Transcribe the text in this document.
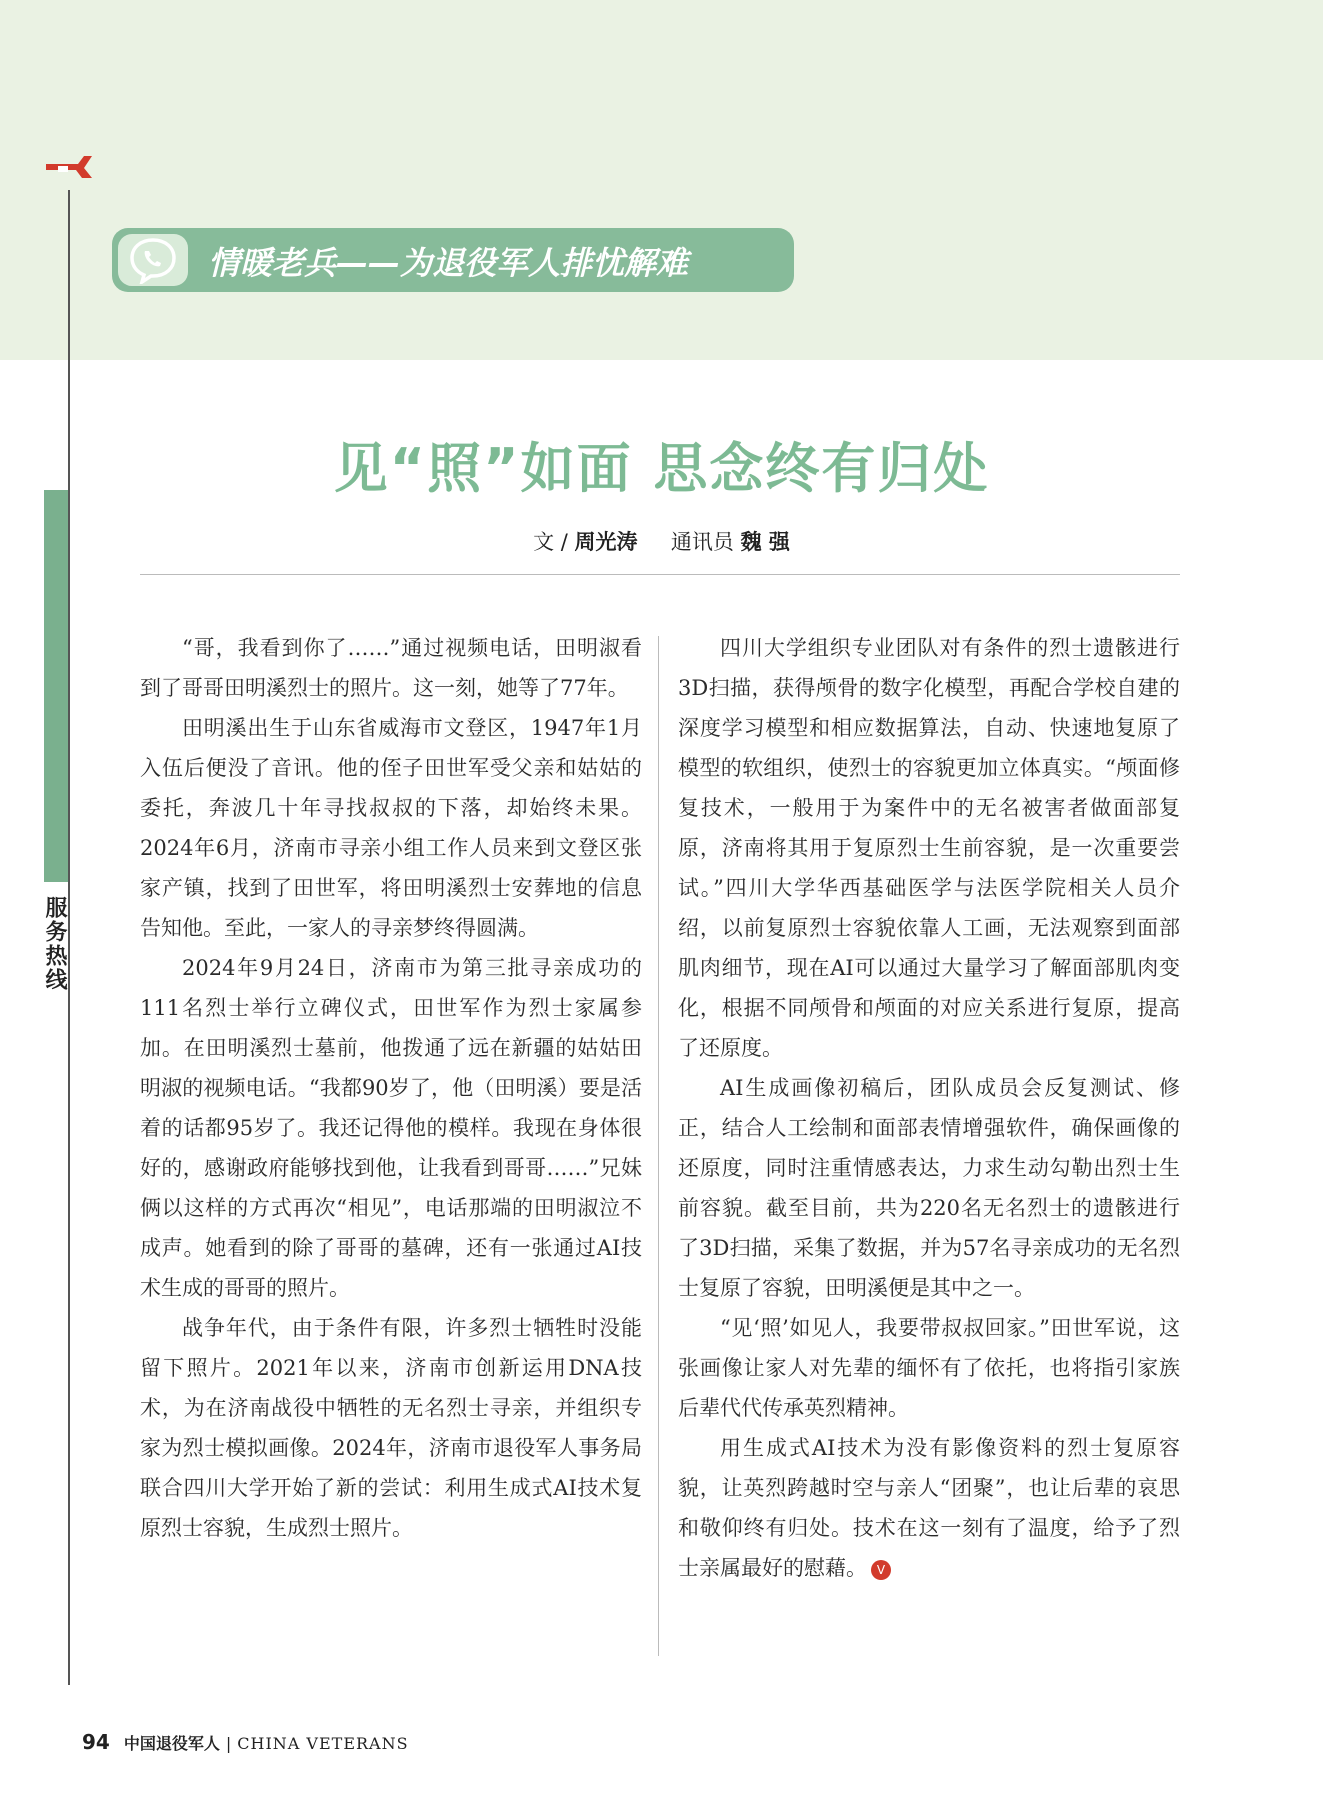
服务热线
情暖老兵——为退役军人排忧解难
见“照”如面 思念终有归处
文 / 周光涛 通讯员 魏 强

“哥，我看到你了……”通过视频电话，田明淑看到了哥哥田明溪烈士的照片。这一刻，她等了77年。

田明溪出生于山东省威海市文登区，1947年1月入伍后便没了音讯。他的侄子田世军受父亲和姑姑的委托，奔波几十年寻找叔叔的下落，却始终未果。2024年6月，济南市寻亲小组工作人员来到文登区张家产镇，找到了田世军，将田明溪烈士安葬地的信息告知他。至此，一家人的寻亲梦终得圆满。

2024年9月24日，济南市为第三批寻亲成功的111名烈士举行立碑仪式，田世军作为烈士家属参加。在田明溪烈士墓前，他拨通了远在新疆的姑姑田明淑的视频电话。“我都90岁了，他（田明溪）要是活着的话都95岁了。我还记得他的模样。我现在身体很好的，感谢政府能够找到他，让我看到哥哥……”兄妹俩以这样的方式再次“相见”，电话那端的田明淑泣不成声。她看到的除了哥哥的墓碑，还有一张通过AI技术生成的哥哥的照片。

战争年代，由于条件有限，许多烈士牺牲时没能留下照片。2021年以来，济南市创新运用DNA技术，为在济南战役中牺牲的无名烈士寻亲，并组织专家为烈士模拟画像。2024年，济南市退役军人事务局联合四川大学开始了新的尝试：利用生成式AI技术复原烈士容貌，生成烈士照片。

四川大学组织专业团队对有条件的烈士遗骸进行3D扫描，获得颅骨的数字化模型，再配合学校自建的深度学习模型和相应数据算法，自动、快速地复原了模型的软组织，使烈士的容貌更加立体真实。“颅面修复技术，一般用于为案件中的无名被害者做面部复原，济南将其用于复原烈士生前容貌，是一次重要尝试。”四川大学华西基础医学与法医学院相关人员介绍，以前复原烈士容貌依靠人工画，无法观察到面部肌肉细节，现在AI可以通过大量学习了解面部肌肉变化，根据不同颅骨和颅面的对应关系进行复原，提高了还原度。

AI生成画像初稿后，团队成员会反复测试、修正，结合人工绘制和面部表情增强软件，确保画像的还原度，同时注重情感表达，力求生动勾勒出烈士生前容貌。截至目前，共为220名无名烈士的遗骸进行了3D扫描，采集了数据，并为57名寻亲成功的无名烈士复原了容貌，田明溪便是其中之一。

“见‘照’如见人，我要带叔叔回家。”田世军说，这张画像让家人对先辈的缅怀有了依托，也将指引家族后辈代代传承英烈精神。

用生成式AI技术为没有影像资料的烈士复原容貌，让英烈跨越时空与亲人“团聚”，也让后辈的哀思和敬仰终有归处。技术在这一刻有了温度，给予了烈士亲属最好的慰藉。 V

94 中国退役军人 | CHINA VETERANS
